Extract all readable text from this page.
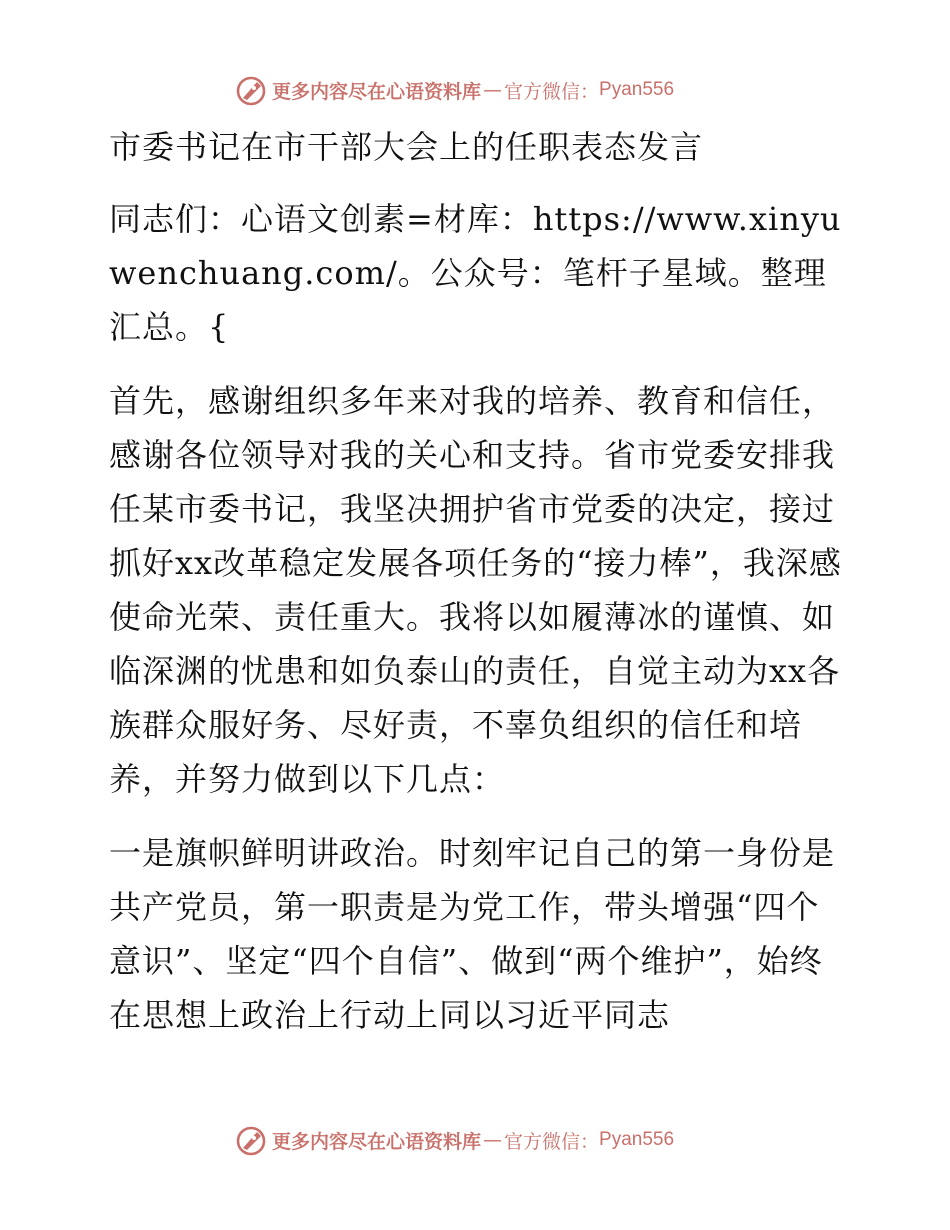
更多内容尽在心语资料库 — 官方微信： Pyan556
市委书记在市干部大会上的任职表态发言

同志们：心语文创素=材库：https://www.xinyuwenchuang.com/。公众号：笔杆子星域。整理汇总。{

首先，感谢组织多年来对我的培养、教育和信任，感谢各位领导对我的关心和支持。省市党委安排我任某市委书记，我坚决拥护省市党委的决定，接过抓好xx改革稳定发展各项任务的“接力棒”，我深感使命光荣、责任重大。我将以如履薄冰的谨慎、如临深渊的忧患和如负泰山的责任，自觉主动为xx各族群众服好务、尽好责，不辜负组织的信任和培养，并努力做到以下几点：

一是旗帜鲜明讲政治。时刻牢记自己的第一身份是共产党员，第一职责是为党工作，带头增强“四个意识”、坚定“四个自信”、做到“两个维护”，始终在思想上政治上行动上同以习近平同志

更多内容尽在心语资料库 — 官方微信： Pyan556
